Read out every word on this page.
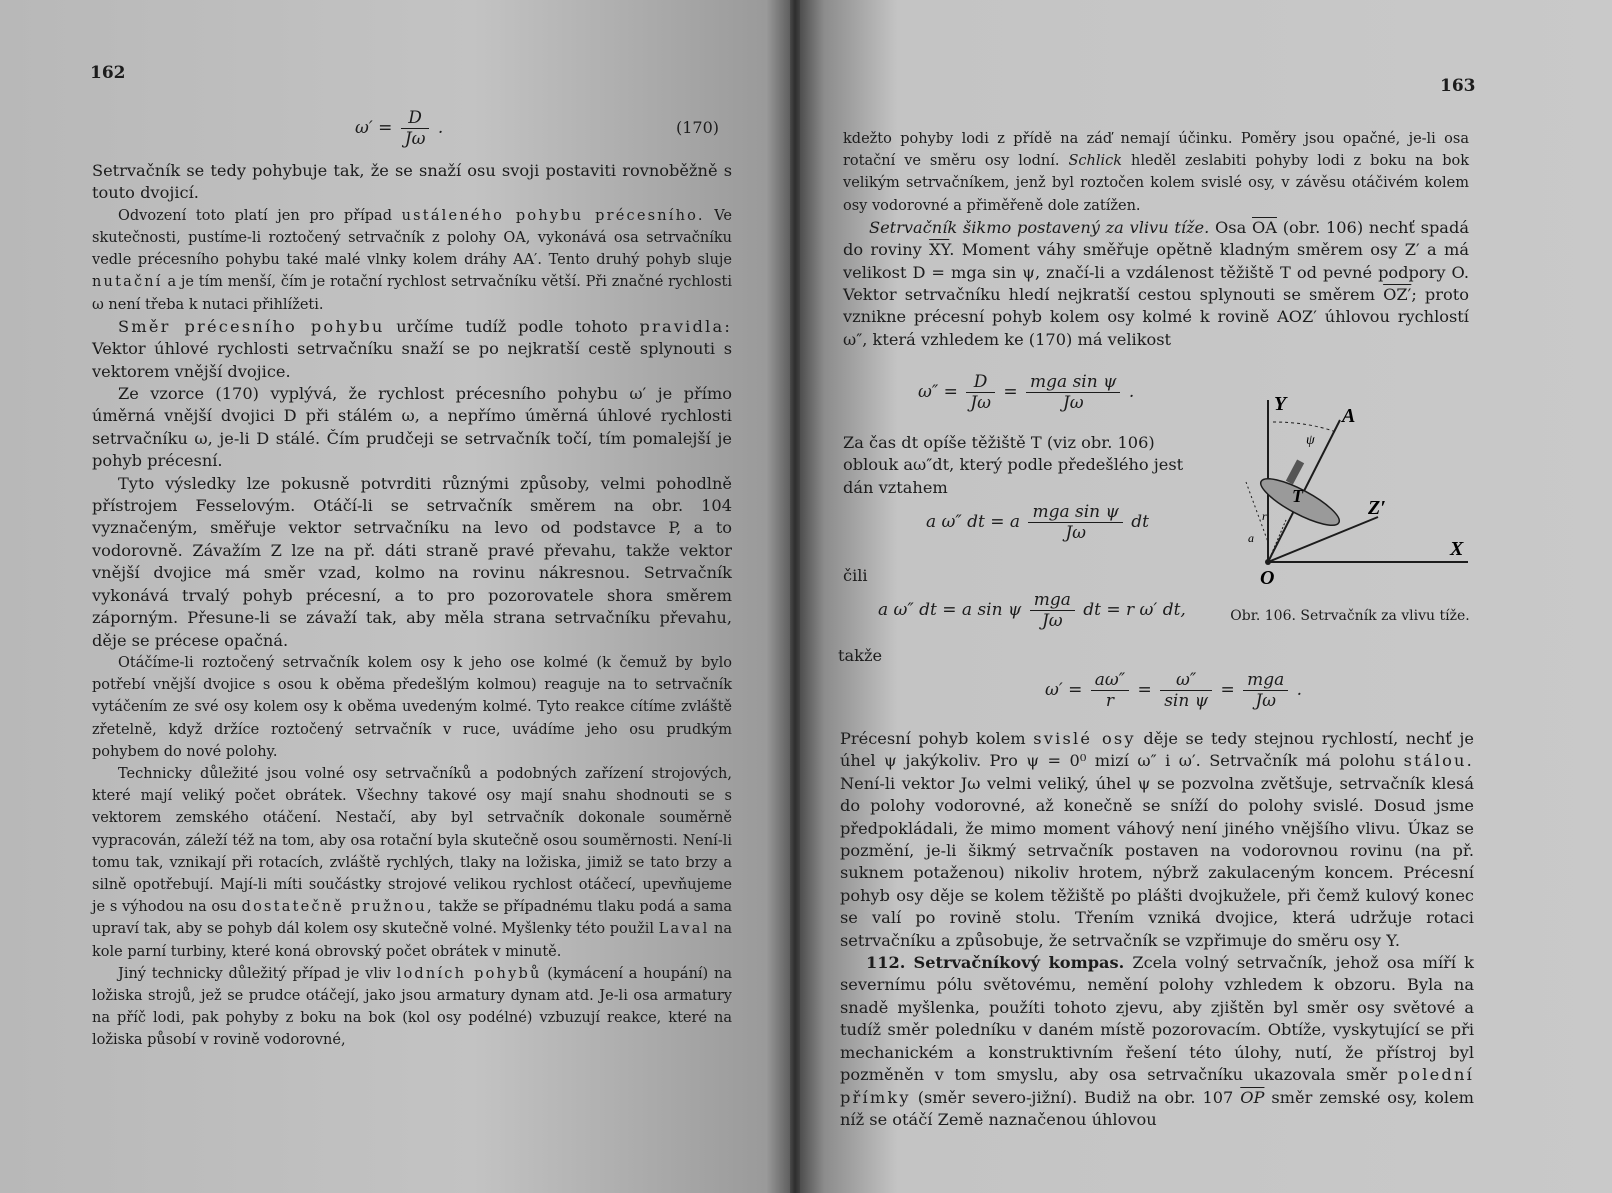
162
$\omega' = \frac{D}{J\omega}$ .	(170)

Setrvačník se tedy pohybuje tak, že se snaží osu svoji postaviti rovnoběžně s touto dvojicí.

Odvození toto platí jen pro případ ustáleného pohybu précesního. Ve skutečnosti, pustíme-li roztočený setrvačník z polohy OA, vykonává osa setrvačníku vedle précesního pohybu také malé vlnky kolem dráhy AA′. Tento druhý pohyb sluje nutační a je tím menší, čím je rotační rychlost setrvačníku větší. Při značné rychlosti ω není třeba k nutaci přihlížeti.

Směr précesního pohybu určíme tudíž podle tohoto pravidla: Vektor úhlové rychlosti setrvačníku snaží se po nejkratší cestě splynouti s vektorem vnější dvojice.

Ze vzorce (170) vyplývá, že rychlost précesního pohybu ω′ je přímo úměrná vnější dvojici D při stálém ω, a nepřímo úměrná úhlové rychlosti setrvačníku ω, je-li D stálé. Čím prudčeji se setrvačník točí, tím pomalejší je pohyb précesní.

Tyto výsledky lze pokusně potvrditi různými způsoby, velmi pohodlně přístrojem Fesselovým. Otáčí-li se setrvačník směrem na obr. 104 vyznačeným, směřuje vektor setrvačníku na levo od podstavce P, a to vodorovně. Závažím Z lze na př. dáti straně pravé převahu, takže vektor vnější dvojice má směr vzad, kolmo na rovinu nákresnou. Setrvačník vykonává trvalý pohyb précesní, a to pro pozorovatele shora směrem záporným. Přesune-li se závaží tak, aby měla strana setrvačníku převahu, děje se précese opačná.

Otáčíme-li roztočený setrvačník kolem osy k jeho ose kolmé (k čemuž by bylo potřebí vnější dvojice s osou k oběma předešlým kolmou) reaguje na to setrvačník vytáčením ze své osy kolem osy k oběma uvedeným kolmé. Tyto reakce cítíme zvláště zřetelně, když držíce roztočený setrvačník v ruce, uvádíme jeho osu prudkým pohybem do nové polohy.

Technicky důležité jsou volné osy setrvačníků a podobných zařízení strojových, které mají veliký počet obrátek. Všechny takové osy mají snahu shodnouti se s vektorem zemského otáčení. Nestačí, aby byl setrvačník dokonale souměrně vypracován, záleží též na tom, aby osa rotační byla skutečně osou souměrnosti. Není-li tomu tak, vznikají při rotacích, zvláště rychlých, tlaky na ložiska, jimiž se tato brzy a silně opotřebují. Mají-li míti součástky strojové velikou rychlost otáčecí, upevňujeme je s výhodou na osu dostatečně pružnou, takže se případnému tlaku podá a sama upraví tak, aby se pohyb dál kolem osy skutečně volné. Myšlenky této použil Laval na kole parní turbiny, které koná obrovský počet obrátek v minutě.

Jiný technicky důležitý případ je vliv lodních pohybů (kymácení a houpání) na ložiska strojů, jež se prudce otáčejí, jako jsou armatury dynam atd. Je-li osa armatury na příč lodi, pak pohyby z boku na bok (kol osy podélné) vzbuzují reakce, které na ložiska působí v rovině vodorovné,

163

kdežto pohyby lodi z přídě na záď nemají účinku. Poměry jsou opačné, je-li osa rotační ve směru osy lodní. Schlick hleděl zeslabiti pohyby lodi z boku na bok velikým setrvačníkem, jenž byl roztočen kolem svislé osy, v závěsu otáčivém kolem osy vodorovné a přiměřeně dole zatížen.

Setrvačník šikmo postavený za vlivu tíže. Osa $\overline{OA}$ (obr. 106) nechť spadá do roviny $\overline{XY}$. Moment váhy směřuje opětně kladným směrem osy Z′ a má velikost D = mga sin ψ, značí-li a vzdálenost těžiště T od pevné podpory O. Vektor setrvačníku hledí nejkratší cestou splynouti se směrem OZ′; proto vznikne précesní pohyb kolem osy kolmé k rovině AOZ′ úhlovou rychlostí ω″, která vzhledem ke (170) má velikost

$\omega'' = \frac{D}{J\omega} = \frac{\text{mga sin ψ}}{J\omega}$ .
Za čas dt opíše těžiště T (viz obr. 106) oblouk aω″dt, který podle předešlého jest dán vztahem
a ω″ dt = a $\frac{\text{mga sin ψ}}{J\omega}$ dt
čili
a ω″ dt = a sin ψ $\frac{\text{mga}}{J\omega}$ dt = r ω′ dt,
takže
$\omega' = \frac{a\omega''}{r} = \frac{\omega''}{\text{sin ψ}} = \frac{\text{mga}}{J\omega}$ .
Y
A
ψ
T
r
a
Z′
O
X
Obr. 106. Setrvačník za vlivu tíže.

Précesní pohyb kolem svislé osy děje se tedy stejnou rychlostí, nechť je úhel ψ jakýkoliv. Pro ψ = 0⁰ mizí ω″ i ω′. Setrvačník má polohu stálou. Není-li vektor Jω velmi veliký, úhel ψ se pozvolna zvětšuje, setrvačník klesá do polohy vodorovné, až konečně se sníží do polohy svislé. Dosud jsme předpokládali, že mimo moment váhový není jiného vnějšího vlivu. Úkaz se pozmění, je-li šikmý setrvačník postaven na vodorovnou rovinu (na př. suknem potaženou) nikoliv hrotem, nýbrž zakulaceným koncem. Précesní pohyb osy děje se kolem těžiště po plášti dvojkužele, při čemž kulový konec se valí po rovině stolu. Třením vzniká dvojice, která udržuje rotaci setrvačníku a způsobuje, že setrvačník se vzpřimuje do směru osy Y.

112. Setrvačníkový kompas. Zcela volný setrvačník, jehož osa míří k severnímu pólu světovému, nemění polohy vzhledem k obzoru. Byla na snadě myšlenka, použíti tohoto zjevu, aby zjištěn byl směr osy světové a tudíž směr poledníku v daném místě pozorovacím. Obtíže, vyskytující se při mechanickém a konstruktivním řešení této úlohy, nutí, že přístroj byl pozměněn v tom smyslu, aby osa setrvačníku ukazovala směr polední přímky (směr severo-jižní). Budiž na obr. 107 $\overline{OP}$ směr zemské osy, kolem níž se otáčí Země naznačenou úhlovou
